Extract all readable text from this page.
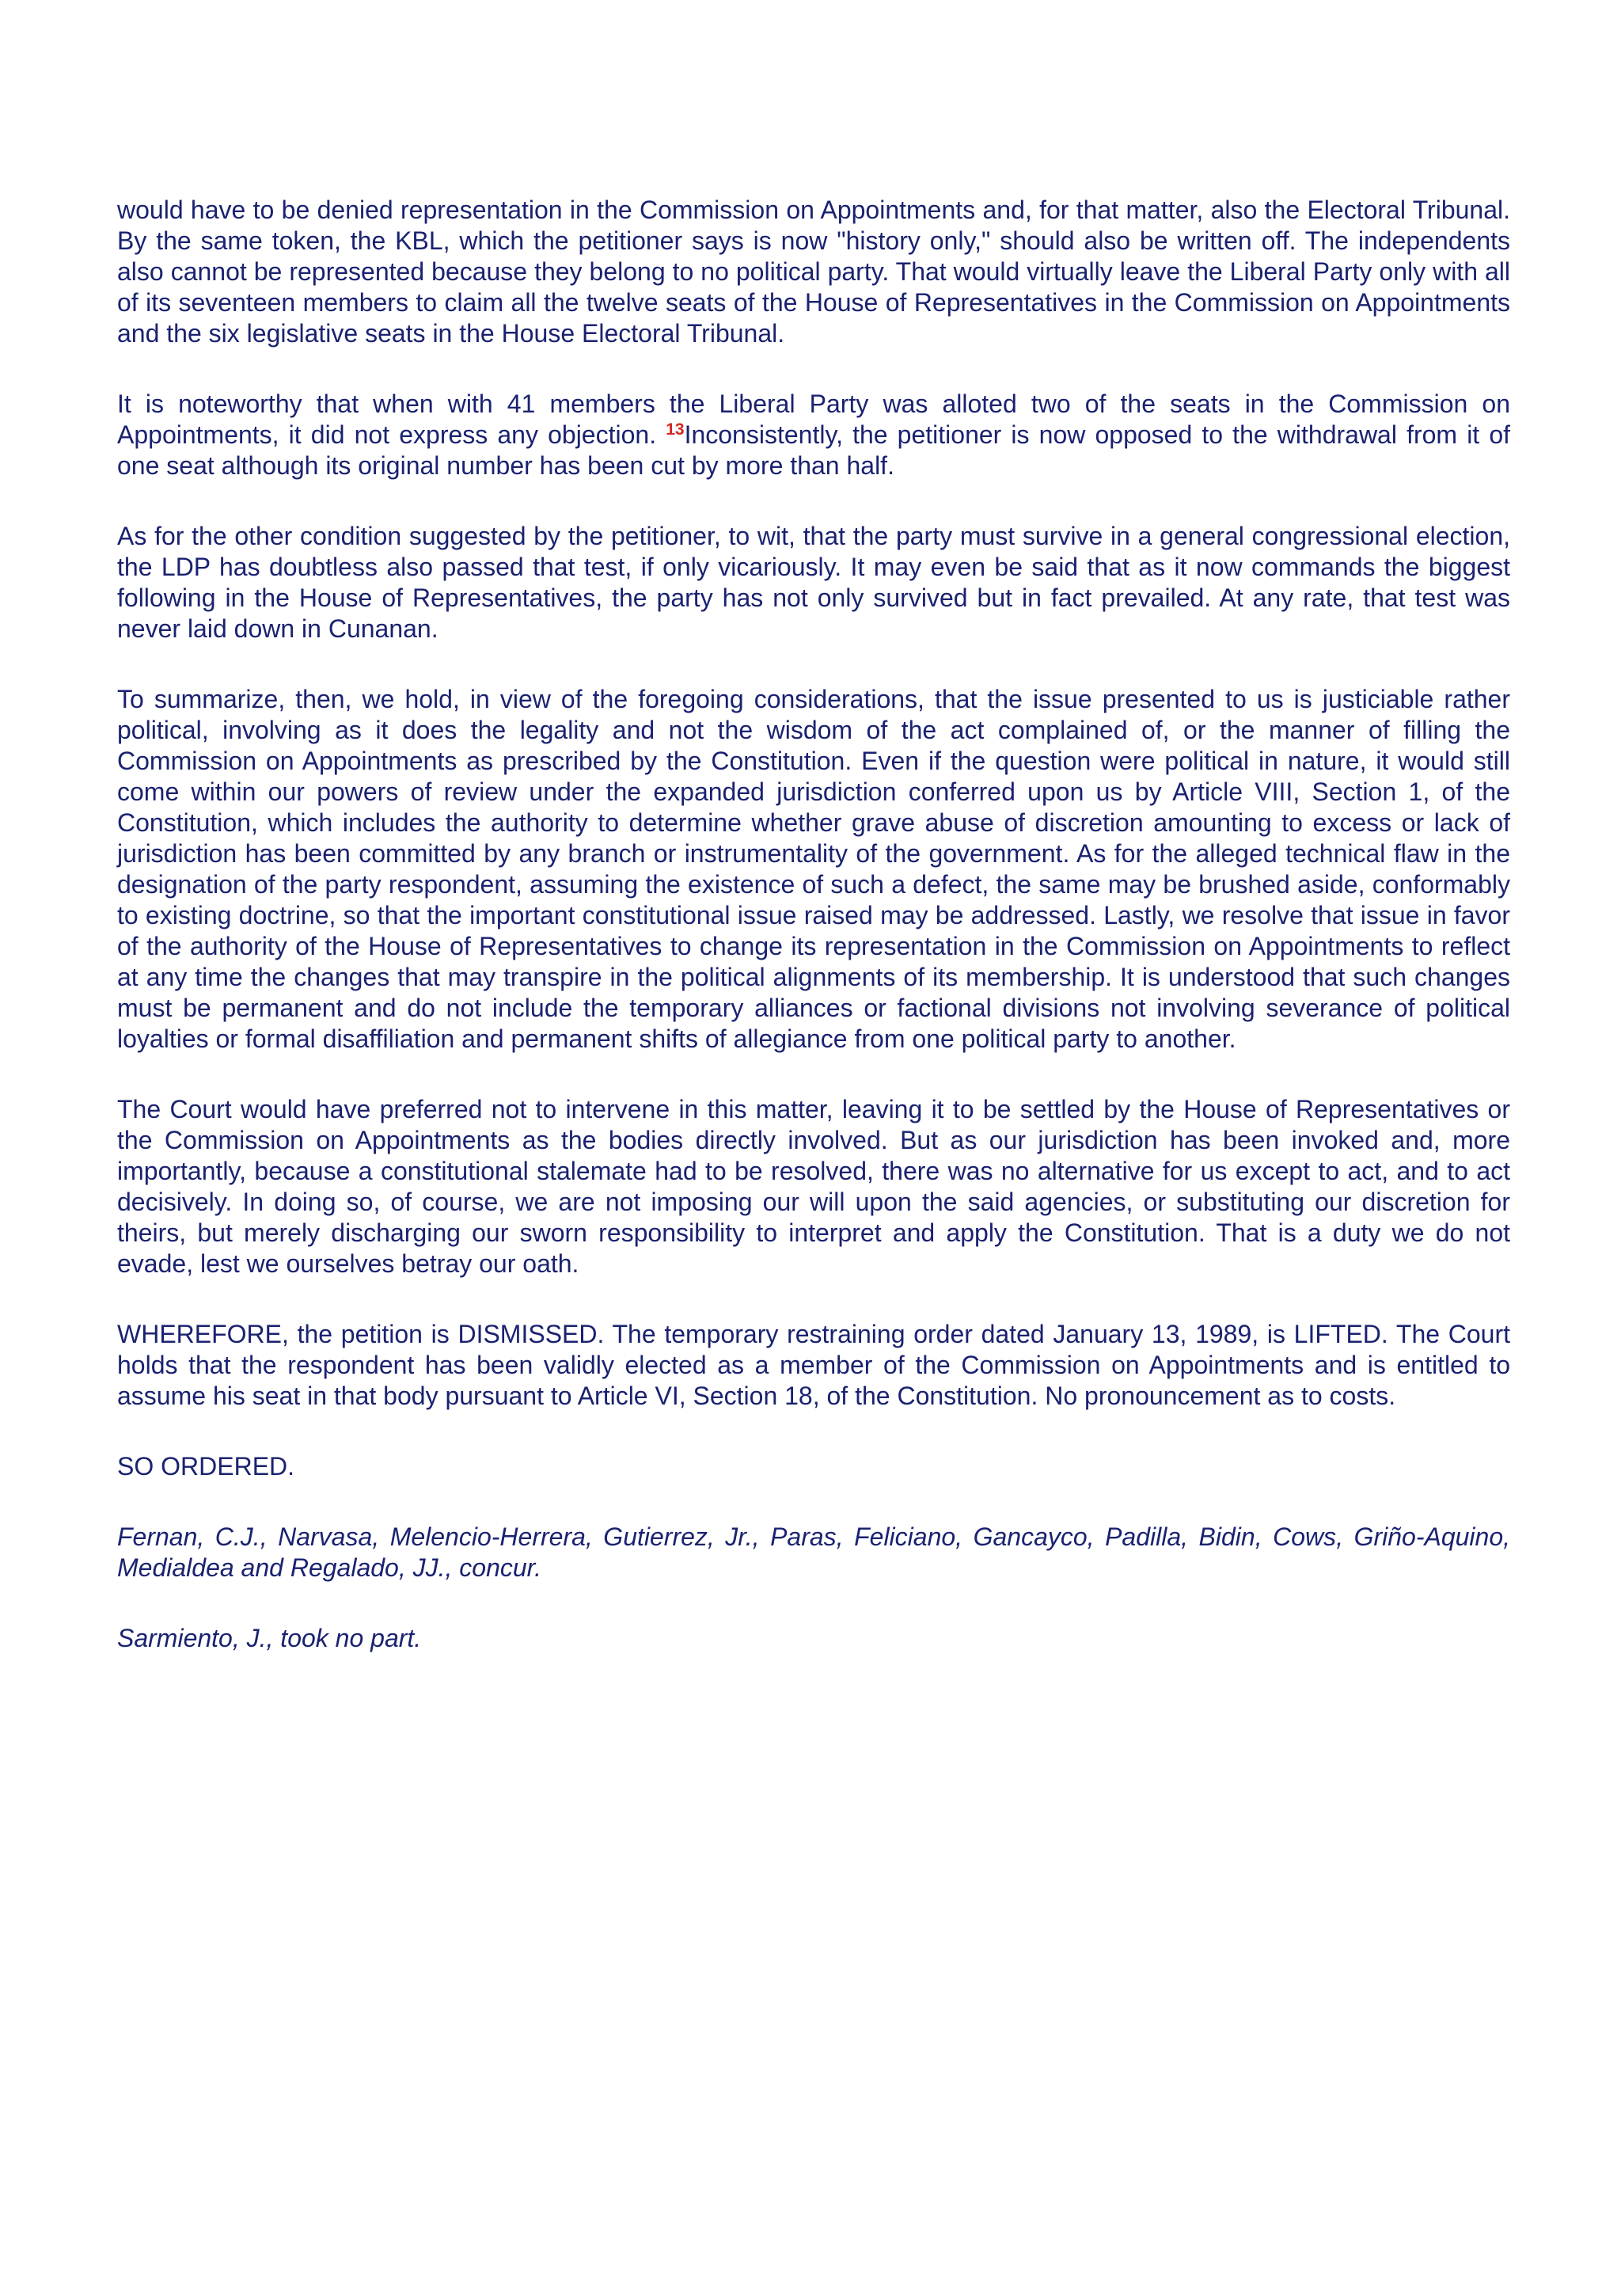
would have to be denied representation in the Commission on Appointments and, for that matter, also the Electoral Tribunal. By the same token, the KBL, which the petitioner says is now "history only," should also be written off. The independents also cannot be represented because they belong to no political party. That would virtually leave the Liberal Party only with all of its seventeen members to claim all the twelve seats of the House of Representatives in the Commission on Appointments and the six legislative seats in the House Electoral Tribunal.

It is noteworthy that when with 41 members the Liberal Party was alloted two of the seats in the Commission on Appointments, it did not express any objection. $^{13}$Inconsistently, the petitioner is now opposed to the withdrawal from it of one seat although its original number has been cut by more than half.

As for the other condition suggested by the petitioner, to wit, that the party must survive in a general congressional election, the LDP has doubtless also passed that test, if only vicariously. It may even be said that as it now commands the biggest following in the House of Representatives, the party has not only survived but in fact prevailed. At any rate, that test was never laid down in Cunanan.

To summarize, then, we hold, in view of the foregoing considerations, that the issue presented to us is justiciable rather political, involving as it does the legality and not the wisdom of the act complained of, or the manner of filling the Commission on Appointments as prescribed by the Constitution. Even if the question were political in nature, it would still come within our powers of review under the expanded jurisdiction conferred upon us by Article VIII, Section 1, of the Constitution, which includes the authority to determine whether grave abuse of discretion amounting to excess or lack of jurisdiction has been committed by any branch or instrumentality of the government. As for the alleged technical flaw in the designation of the party respondent, assuming the existence of such a defect, the same may be brushed aside, conformably to existing doctrine, so that the important constitutional issue raised may be addressed. Lastly, we resolve that issue in favor of the authority of the House of Representatives to change its representation in the Commission on Appointments to reflect at any time the changes that may transpire in the political alignments of its membership. It is understood that such changes must be permanent and do not include the temporary alliances or factional divisions not involving severance of political loyalties or formal disaffiliation and permanent shifts of allegiance from one political party to another.

The Court would have preferred not to intervene in this matter, leaving it to be settled by the House of Representatives or the Commission on Appointments as the bodies directly involved. But as our jurisdiction has been invoked and, more importantly, because a constitutional stalemate had to be resolved, there was no alternative for us except to act, and to act decisively. In doing so, of course, we are not imposing our will upon the said agencies, or substituting our discretion for theirs, but merely discharging our sworn responsibility to interpret and apply the Constitution. That is a duty we do not evade, lest we ourselves betray our oath.

WHEREFORE, the petition is DISMISSED. The temporary restraining order dated January 13, 1989, is LIFTED. The Court holds that the respondent has been validly elected as a member of the Commission on Appointments and is entitled to assume his seat in that body pursuant to Article VI, Section 18, of the Constitution. No pronouncement as to costs.

SO ORDERED.

Fernan, C.J., Narvasa, Melencio-Herrera, Gutierrez, Jr., Paras, Feliciano, Gancayco, Padilla, Bidin, Cows, Griño-Aquino, Medialdea and Regalado, JJ., concur.

Sarmiento, J., took no part.
